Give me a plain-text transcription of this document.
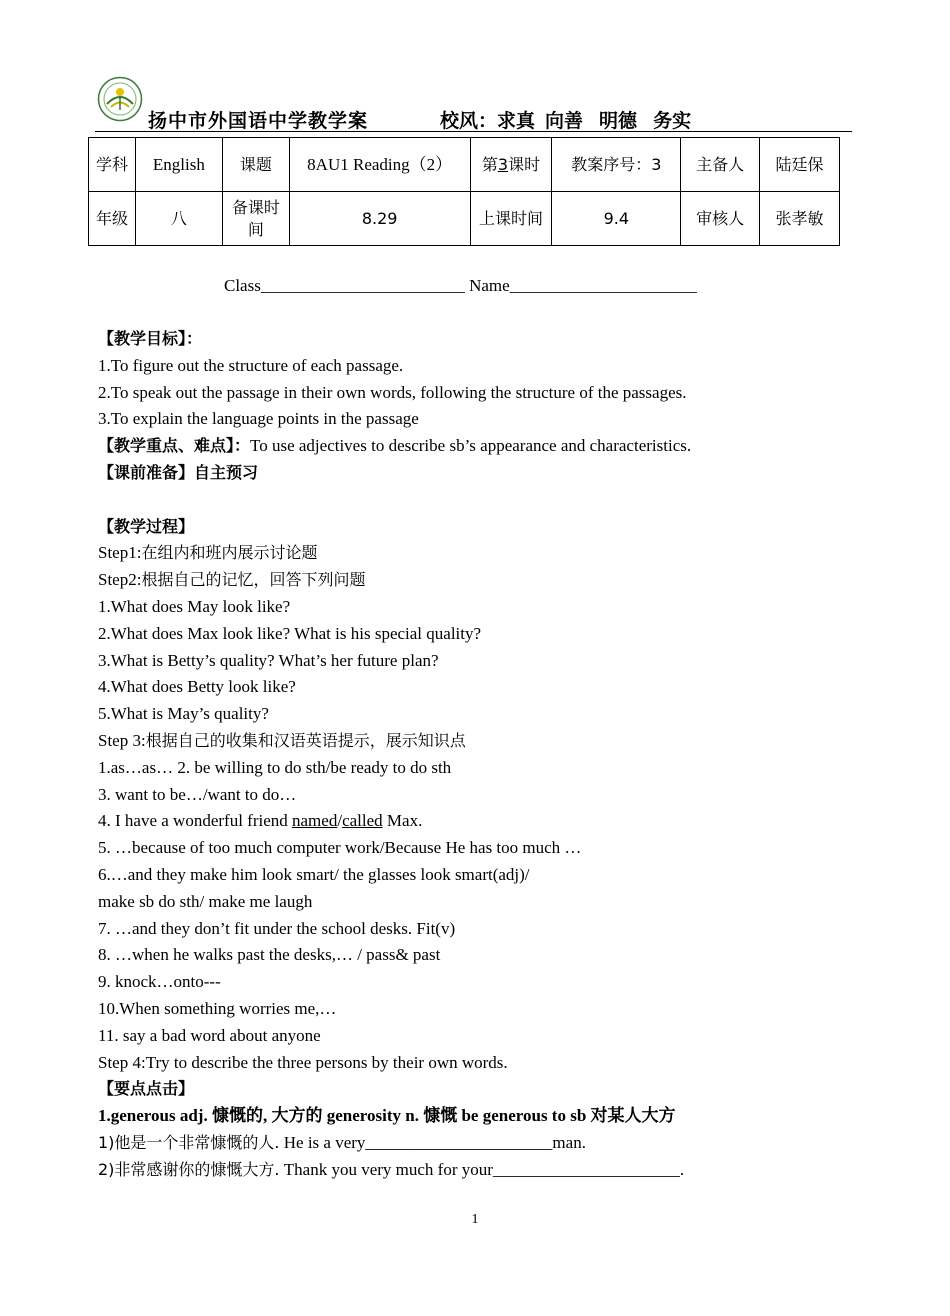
扬中市外国语中学教学案	校风：求真 向善 明德 务实
学科	English	课题	8AU1 Reading（2）	第3课时	教案序号：3	主备人	陆廷保
年级	八	备课时间	8.29	上课时间	9.4	审核人	张孝敏
Class________________________ Name______________________

【教学目标】：

1.To figure out the structure of each passage.

2.To speak out the passage in their own words, following the structure of the passages.

3.To explain the language points in the passage

【教学重点、难点】：To use adjectives to describe sb’s appearance and characteristics.

【课前准备】自主预习

【教学过程】

Step1:在组内和班内展示讨论题

Step2:根据自己的记忆，回答下列问题

1.What does May look like?

2.What does Max look like? What is his special quality?

3.What is Betty’s quality? What’s her future plan?

4.What does Betty look like?

5.What is May’s quality?

Step 3:根据自己的收集和汉语英语提示，展示知识点

1.as…as… 2. be willing to do sth/be ready to do sth

3. want to be…/want to do…

4. I have a wonderful friend named/called Max.

5. …because of too much computer work/Because He has too much …

6.…and they make him look smart/ the glasses look smart(adj)/

make sb do sth/ make me laugh

7. …and they don’t fit under the school desks. Fit(v)

8. …when he walks past the desks,… / pass& past

9. knock…onto---

10.When something worries me,…

11. say a bad word about anyone

Step 4:Try to describe the three persons by their own words.

【要点点击】

1.generous adj. 慷慨的, 大方的 generosity n. 慷慨 be generous to sb 对某人大方

1)他是一个非常慷慨的人. He is a very______________________man.

2)非常感谢你的慷慨大方. Thank you very much for your______________________.

1
